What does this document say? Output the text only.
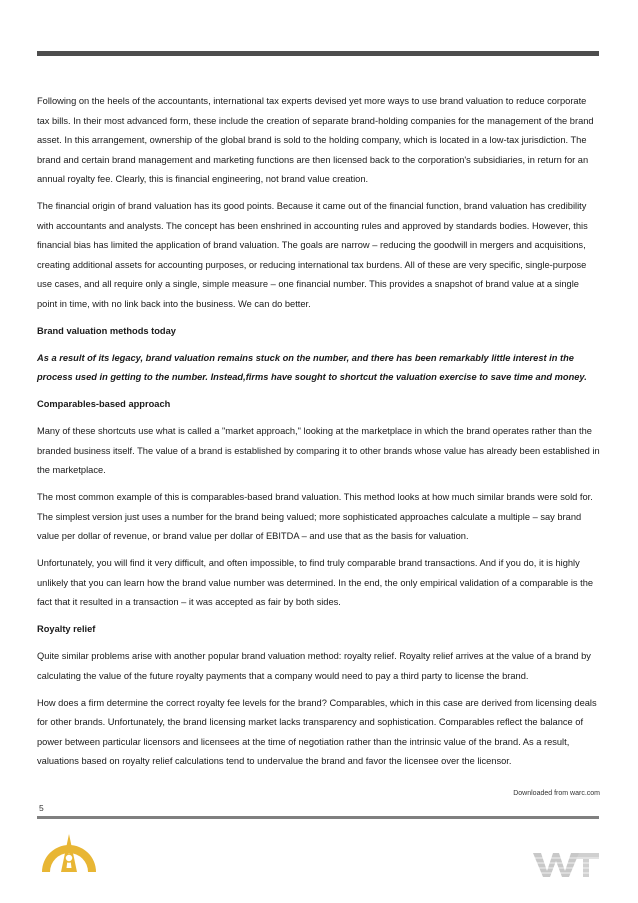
Following on the heels of the accountants, international tax experts devised yet more ways to use brand valuation to reduce corporate tax bills. In their most advanced form, these include the creation of separate brand-holding companies for the management of the brand asset. In this arrangement, ownership of the global brand is sold to the holding company, which is located in a low-tax jurisdiction. The brand and certain brand management and marketing functions are then licensed back to the corporation's subsidiaries, in return for an annual royalty fee. Clearly, this is financial engineering, not brand value creation.

The financial origin of brand valuation has its good points. Because it came out of the financial function, brand valuation has credibility with accountants and analysts. The concept has been enshrined in accounting rules and approved by standards bodies. However, this financial bias has limited the application of brand valuation. The goals are narrow – reducing the goodwill in mergers and acquisitions, creating additional assets for accounting purposes, or reducing international tax burdens. All of these are very specific, single-purpose use cases, and all require only a single, simple measure – one financial number. This provides a snapshot of brand value at a single point in time, with no link back into the business. We can do better.

Brand valuation methods today

As a result of its legacy, brand valuation remains stuck on the number, and there has been remarkably little interest in the process used in getting to the number. Instead,firms have sought to shortcut the valuation exercise to save time and money.

Comparables-based approach

Many of these shortcuts use what is called a "market approach," looking at the marketplace in which the brand operates rather than the branded business itself. The value of a brand is established by comparing it to other brands whose value has already been established in the marketplace.

The most common example of this is comparables-based brand valuation. This method looks at how much similar brands were sold for. The simplest version just uses a number for the brand being valued; more sophisticated approaches calculate a multiple – say brand value per dollar of revenue, or brand value per dollar of EBITDA – and use that as the basis for valuation.

Unfortunately, you will find it very difficult, and often impossible, to find truly comparable brand transactions. And if you do, it is highly unlikely that you can learn how the brand value number was determined. In the end, the only empirical validation of a comparable is the fact that it resulted in a transaction – it was accepted as fair by both sides.

Royalty relief

Quite similar problems arise with another popular brand valuation method: royalty relief. Royalty relief arrives at the value of a brand by calculating the value of the future royalty payments that a company would need to pay a third party to license the brand.

How does a firm determine the correct royalty fee levels for the brand? Comparables, which in this case are derived from licensing deals for other brands. Unfortunately, the brand licensing market lacks transparency and sophistication. Comparables reflect the balance of power between particular licensors and licensees at the time of negotiation rather than the intrinsic value of the brand. As a result, valuations based on royalty relief calculations tend to undervalue the brand and favor the licensee over the licensor.

Downloaded from warc.com
5
